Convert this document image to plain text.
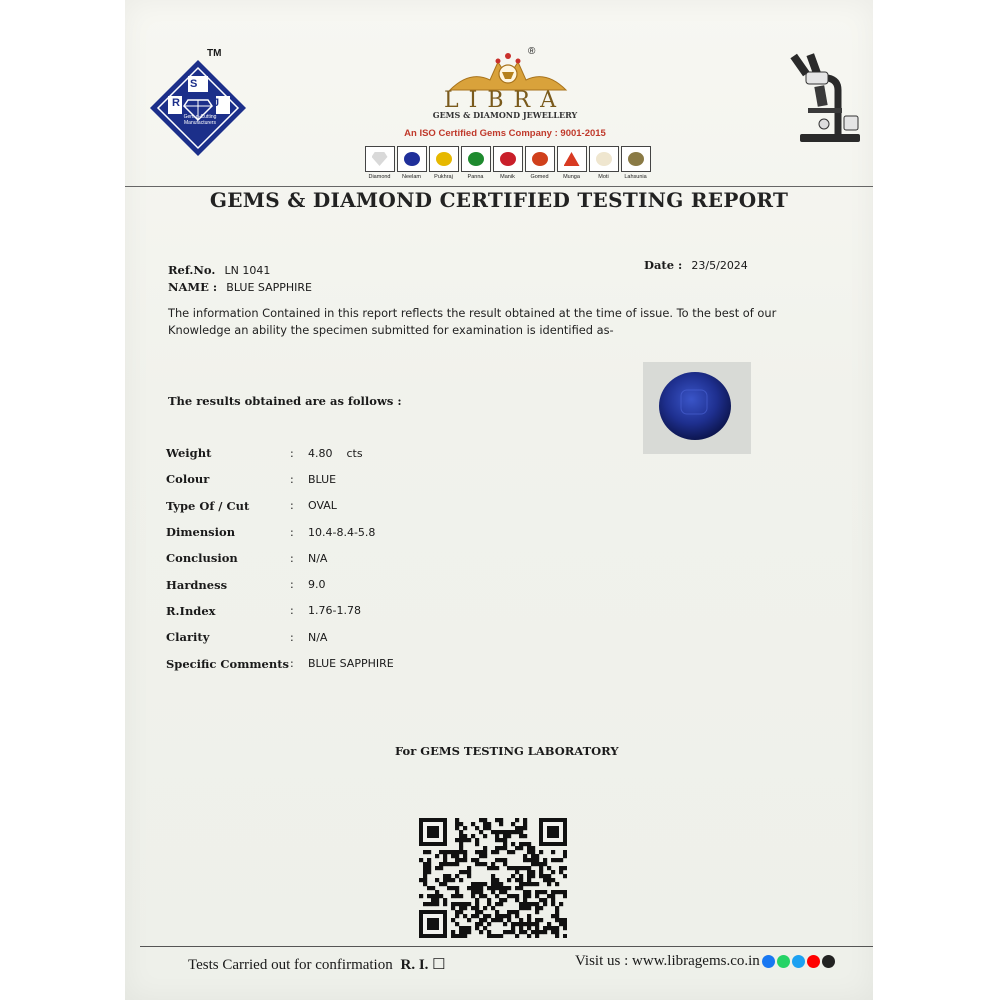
S
R	J
Gem-n-Cutting Manufacturers
TM	®
LIBRA
GEMS & DIAMOND JEWELLERY
An ISO Certified Gems Company : 9001-2015
Diamond Neelam Pukhraj	Panna	Manik	Gomed	Munga	Moti	Lahsunia
GEMS & DIAMOND CERTIFIED TESTING REPORT
Ref.No. LN 1041
NAME : BLUE SAPPHIRE
Date : 23/5/2024
The information Contained in this report reflects the result obtained at the time of issue. To the best of our
Knowledge an ability the specimen submitted for examination is identified as-
The results obtained are as follows :
Weight	:	4.80    cts
Colour	:	BLUE
Type Of / Cut	:	OVAL
Dimension	:	10.4-8.4-5.8
Conclusion	:	N/A
Hardness	:	9.0
R.Index	:	1.76-1.78
Clarity	:	N/A
Specific Comments	:	BLUE SAPPHIRE
For GEMS TESTING LABORATORY
Tests Carried out for confirmation R. I. ☐	Visit us : www.libragems.co.in
